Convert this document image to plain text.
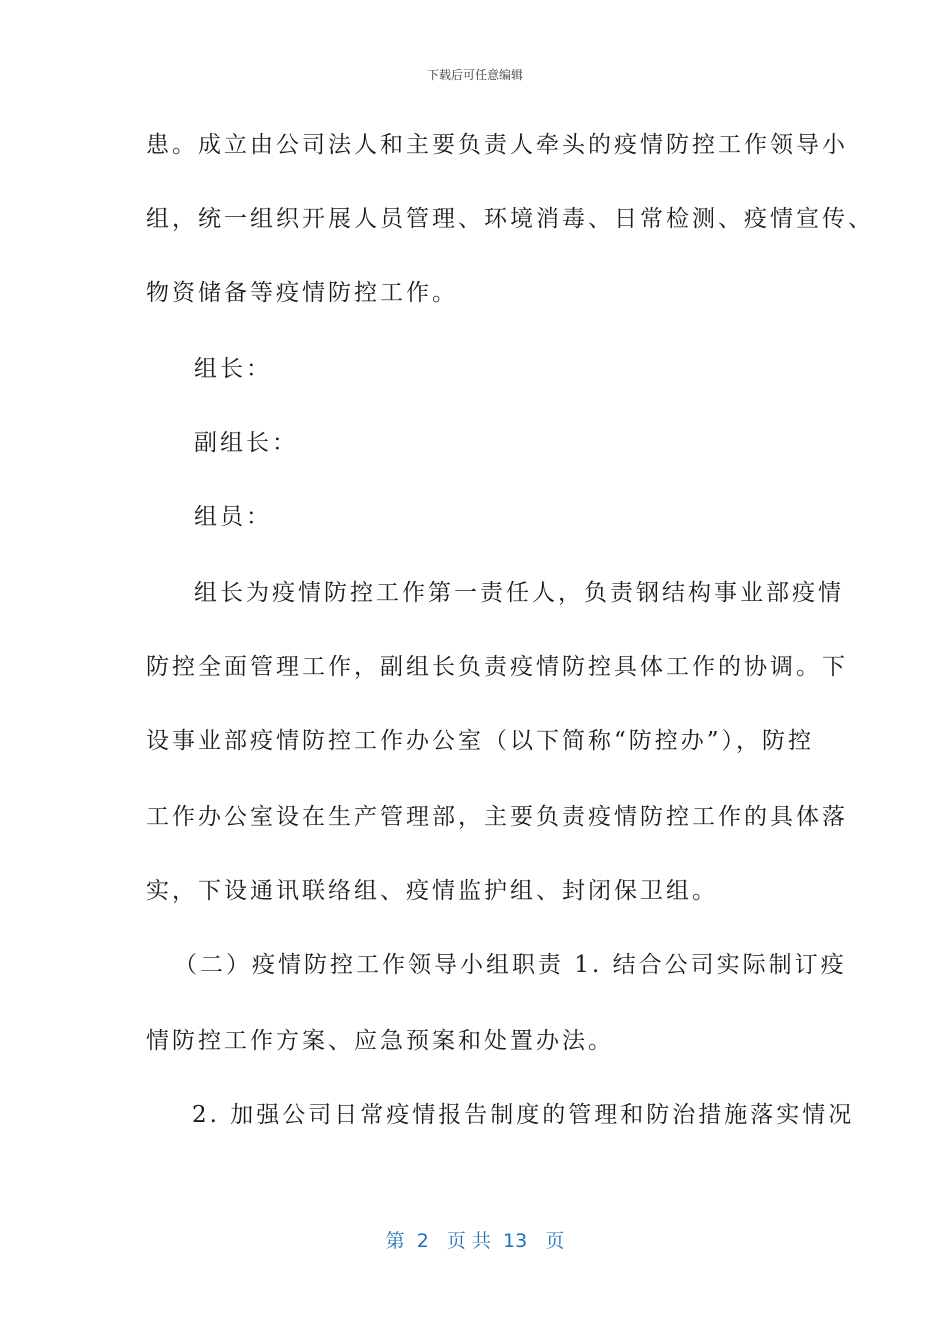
下载后可任意编辑
患。成立由公司法人和主要负责人牵头的疫情防控工作领导小
组，统一组织开展人员管理、环境消毒、日常检测、疫情宣传、
物资储备等疫情防控工作。
组长：
副组长：
组员：
组长为疫情防控工作第一责任人，负责钢结构事业部疫情
防控全面管理工作，副组长负责疫情防控具体工作的协调。下
设事业部疫情防控工作办公室（以下简称“防控办”），防控
工作办公室设在生产管理部，主要负责疫情防控工作的具体落
实，下设通讯联络组、疫情监护组、封闭保卫组。
（二）疫情防控工作领导小组职责 1. 结合公司实际制订疫
情防控工作方案、应急预案和处置办法。
2. 加强公司日常疫情报告制度的管理和防治措施落实情况
第  2   页 共  13   页
